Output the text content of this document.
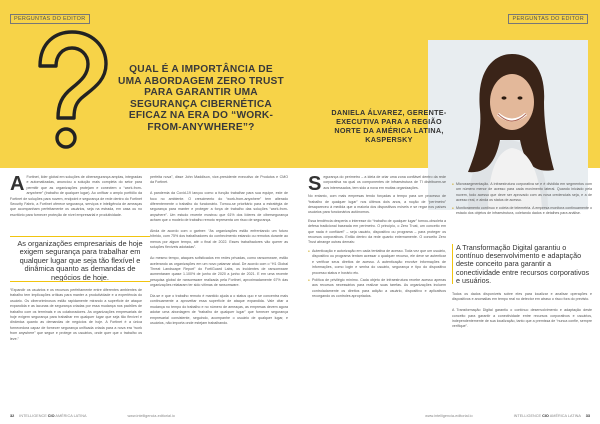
PERGUNTAS DO EDITOR
QUAL É A IMPORTÂNCIA DE UMA ABORDAGEM ZERO TRUST PARA GARANTIR UMA SEGURANÇA CIBERNÉTICA EFICAZ NA ERA DO “WORK-FROM-ANYWHERE”?
A Fortinet, líder global em soluções de cibersegurança amplas, integradas e automatizadas, anunciou a solução mais completa do setor para permitir que as organizações protejam e conectem o “work-from-anywhere” (trabalho de qualquer lugar). Ao unificar o amplo portfólio da Fortinet de soluções para nuvem, endpoint e segurança de rede dentro do Fortinet Security Fabric, a Fortinet oferece segurança, serviços e inteligência de ameaças que acompanham perfeitamente os usuários, seja na estrada, em casa ou no escritório para fornecer proteção de nível empresarial e produtividade.
As organizações empresariais de hoje exigem segurança para trabalhar em qualquer lugar que seja tão flexível e dinâmica quanto as demandas de negócios de hoje.
“Expandir os usuários e os recursos perfeitamente entre diferentes ambientes de trabalho tem implicações críticas para manter a produtividade e a experiência do usuário. Os cibercriminosos estão rapidamente mirando a superfície de ataque expandida e as lacunas de segurança criadas por essa mudança nos padrões de trabalho com os terminais e os colaboradores. As organizações empresariais de hoje exigem segurança para trabalhar em qualquer lugar que seja tão flexível e dinâmica quanto as demandas de negócios de hoje. A Fortinet é a única fornecedora capaz de fornecer segurança unificada criada para a nova era “work from anywhere” que segue e protege os usuários, onde quer que o trabalho os leve.”
perfeita nova”, disse John Maddison, vice-presidente executivo de Produtos e CMO da Fortinet.

A pandemia da Covid-19 lançou como a função trabalhar para sua equipe, este de foco no ambiente. O crescimento do “work-from-anywhere” tem alterado diferentemente o trabalho do funcionário. Tornou-se prioritário para a estratégia de segurança para manter e proteger a força de trabalho das soluções “work-from-anywhere”. Um estudo recente mostrou que 61% dos líderes de cibersegurança acham que o modelo de trabalho remoto representa um risco de segurança.

Ainda de acordo com o gartner: “As organizações estão enfrentando um futuro híbrido, com 75% dos trabalhadores do conhecimento estando ou remotos durante ao menos por algum tempo, até o final de 2022. Esses trabalhadores vão querer as soluções flexíveis adotadas”.

Ao mesmo tempo, ataques sofisticados em redes privadas, como ransomware, estão acelerando as organizações em um novo patamar atual. De acordo com o “H1 Global Threat Landscape Report” do FortiGuard Labs, os incidentes de ransomware aumentaram quase 1.100% de junho de 2020 a junho de 2021. E em uma recente pesquisa global de ransomware realizada pela Fortinet, aproximadamente 67% das organizações relataram ter sido vítimas de ransomware.

Diz-se e que o trabalho remoto é mantido ajuda a o status quo e se concentra mais continuamente a aproveitar essa superfície de ataque expandida. Vale citar a mudança no tempo do trabalho e no número de ameaças, as empresas devem agora adotar uma abordagem de “trabalho de qualquer lugar” que fornecer segurança empresarial consistente, seguindo, acompanhe o usuário de qualquer lugar, e usuários, não importa onde estejam trabalhando.
32 INTELLIGENCE CIO AMÉRICA LATINA	www.intelligencia-editorial.io
PERGUNTAS DO EDITOR
DANIELA ÁLVAREZ, GERENTE-EXECUTIVA PARA A REGIÃO NORTE DA AMÉRICA LATINA, KASPERSKY
S egurança do perímetro – a ideia de criar uma zona confiável dentro da rede corporativa na qual os componentes de infraestrutura de TI distribuem-se aos interessados, tem sido a nova em muitas organizações.

No entanto, com mais empresas tendo forçadas a tempo para um processo de “trabalho de qualquer lugar” nos últimos dois anos, a noção de “perímetro” desapareceu à medida que a maioria dos dispositivos móveis e se regar nos países usuários para funcionários autônomos.

Essa tendência desperta o interesse do “trabalho de qualquer lugar” tornou-obsoleta a defesa tradicional baseada em perímetro. O princípio, o Zero Trust, um conceito em que nada é confiável” – seja usuário, dispositivo ou programa – para proteger os recursos corporativos. Então dentro da rede quanto externamente. O conceito Zero Trust abrange outras demais:

● Autenticação e autorização em cada tentativa de acesso. Toda vez que um usuário, dispositivo ou programa tentam acessar o qualquer recurso, ele deve se autenticar e verificar seus direitos de acesso. A autenticação envolve informações de informações, como login e senha do usuário, segurança e tipo do dispositivo processo status e horário etc.
● Política de privilégio mínimo. Cada objeto de infraestrutura recebe acesso apenas aos recursos necessários para realizar suas tarefas. As organizações incluem controladamente os direitos para adição a usuário, dispositivo e aplicativos recorgando os controles apropriados.
● Microssegmentação. A infraestrutura corporativa se e é dividida em segmentos com um número menor de acesso para cada movimento lateral. Quando iniciado pela nuvem, todo acesso que deve ser aprovado com as nova credenciais seja, e a de acesso real, e ainda os status de acesso.
● Monitoramento contínuo e coleta de telemetria. A empresa monitora continuamente o estado dos objetos de infraestrutura, coletando dados e detalhes para análise.
A Transformação Digital garantiu o contínuo desenvolvimento e adaptação deste conceito para garantir a conectividade entre recursos corporativos e usuários.
Todos os dados disponíveis sobre eles para localizar e analisar operações e dispositivos e anomalias em tempo real no detector em atraso o risco fora do previsto.

A Transformação Digital garantiu o contínuo desenvolvimento e adaptação deste conceito para garantir a conectividade entre recursos corporativos e usuários, independentemente de sua localização, tanto que a premissa de “nunca confie, sempre verifique”.
www.intelligencia-editorial.io	INTELLIGENCE CIO AMÉRICA LATINA 33
